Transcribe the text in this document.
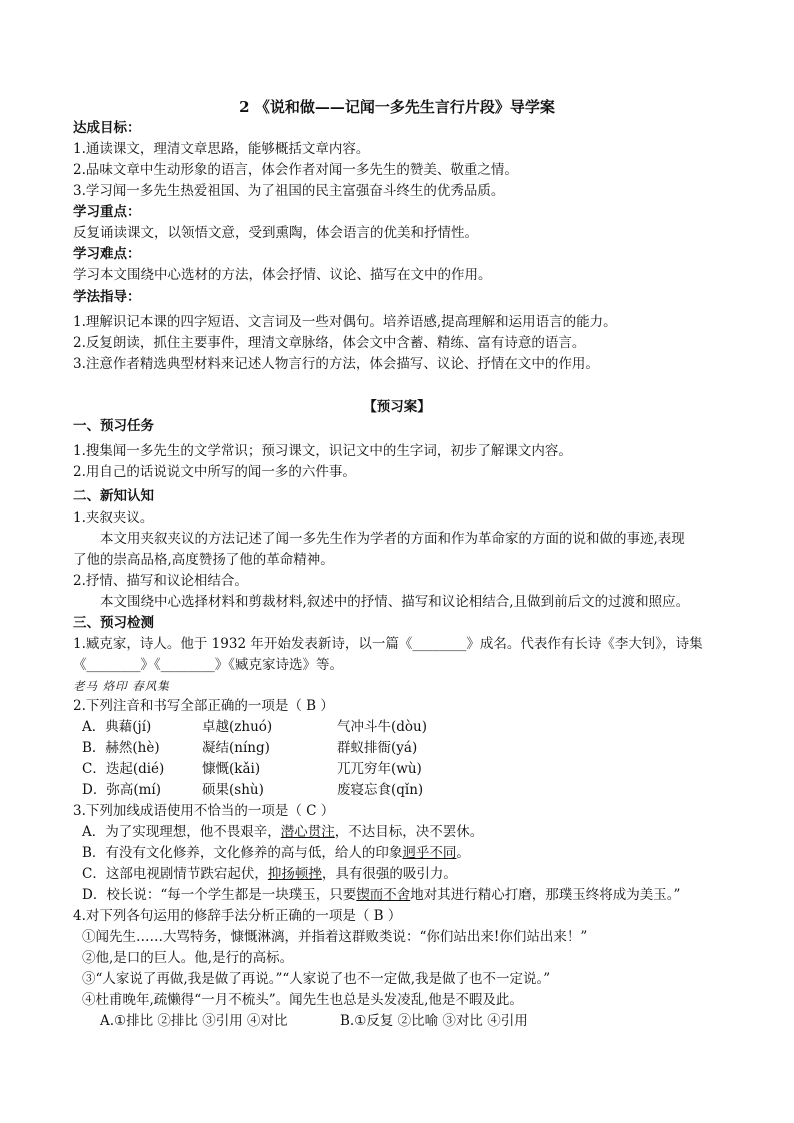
2 《说和做——记闻一多先生言行片段》导学案
达成目标：
1.通读课文，理清文章思路，能够概括文章内容。
2.品味文章中生动形象的语言，体会作者对闻一多先生的赞美、敬重之情。
3.学习闻一多先生热爱祖国、为了祖国的民主富强奋斗终生的优秀品质。
学习重点：
反复诵读课文，以领悟文意，受到熏陶，体会语言的优美和抒情性。
学习难点：
学习本文围绕中心选材的方法，体会抒情、议论、描写在文中的作用。
学法指导：
1.理解识记本课的四字短语、文言词及一些对偶句。培养语感,提高理解和运用语言的能力。
2.反复朗读，抓住主要事件，理清文章脉络，体会文中含蓄、精练、富有诗意的语言。
3.注意作者精选典型材料来记述人物言行的方法，体会描写、议论、抒情在文中的作用。
【预习案】
一、预习任务
1.搜集闻一多先生的文学常识；预习课文，识记文中的生字词，初步了解课文内容。
2.用自己的话说说文中所写的闻一多的六件事。
二、新知认知
1.夹叙夹议。
本文用夹叙夹议的方法记述了闻一多先生作为学者的方面和作为革命家的方面的说和做的事迹,表现
了他的崇高品格,高度赞扬了他的革命精神。
2.抒情、描写和议论相结合。
本文围绕中心选择材料和剪裁材料,叙述中的抒情、描写和议论相结合,且做到前后文的过渡和照应。
三、预习检测
1.臧克家，诗人。他于 1932 年开始发表新诗，以一篇《________》成名。代表作有长诗《李大钊》，诗集
《________》《________》《臧克家诗选》等。
老马 烙印 春风集
2.下列注音和书写全部正确的一项是（ B ）
A．典藉(jí)	卓越(zhuó)	气冲斗牛(dòu)
B．赫然(hè)	凝结(níng)	群蚁排衙(yá)
C．迭起(dié)	慷慨(kǎi)	兀兀穷年(wù)
D．弥高(mí)	硕果(shù)	废寝忘食(qǐn)
3.下列加线成语使用不恰当的一项是（ C ）
A．为了实现理想，他不畏艰辛，潜心贯注，不达目标，决不罢休。
B．有没有文化修养，文化修养的高与低，给人的印象迥乎不同。
C．这部电视剧情节跌宕起伏，抑扬顿挫，具有很强的吸引力。
D．校长说：“每一个学生都是一块璞玉，只要锲而不舍地对其进行精心打磨，那璞玉终将成为美玉。”
4.对下列各句运用的修辞手法分析正确的一项是（ B ）
①闻先生……大骂特务，慷慨淋漓，并指着这群败类说：“你们站出来!你们站出来！”
②他,是口的巨人。他,是行的高标。
③“人家说了再做,我是做了再说。”“人家说了也不一定做,我是做了也不一定说。”
④杜甫晚年,疏懒得“一月不梳头”。闻先生也总是头发凌乱,他是不暇及此。
A.①排比 ②排比 ③引用 ④对比	B.①反复 ②比喻 ③对比 ④引用
